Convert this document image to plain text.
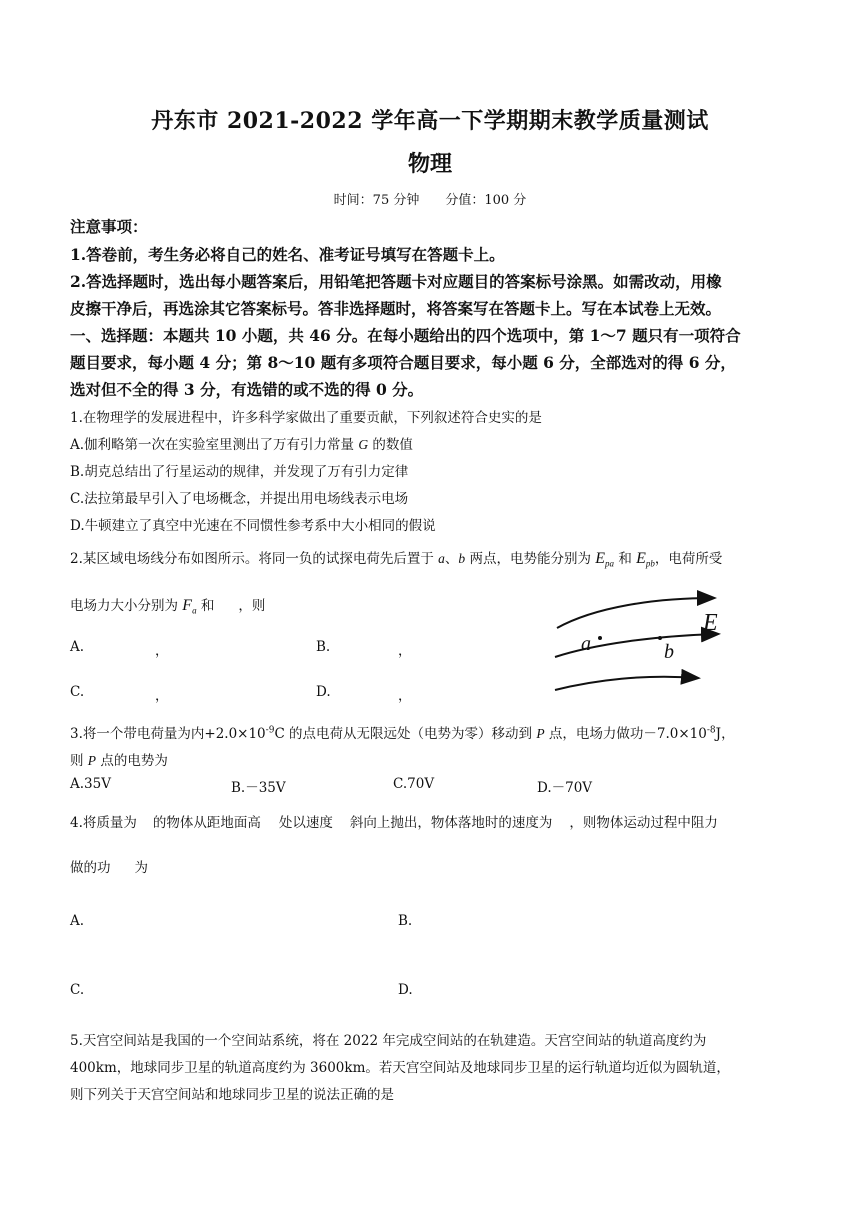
丹东市 2021-2022 学年高一下学期期末教学质量测试
物理
时间：75 分钟 分值：100 分
注意事项：
1.答卷前，考生务必将自己的姓名、准考证号填写在答题卡上。
2.答选择题时，选出每小题答案后，用铅笔把答题卡对应题目的答案标号涂黑。如需改动，用橡
皮擦干净后，再选涂其它答案标号。答非选择题时，将答案写在答题卡上。写在本试卷上无效。
一、选择题：本题共 10 小题，共 46 分。在每小题给出的四个选项中，第 1～7 题只有一项符合
题目要求，每小题 4 分；第 8～10 题有多项符合题目要求，每小题 6 分，全部选对的得 6 分，
选对但不全的得 3 分，有选错的或不选的得 0 分。
1.在物理学的发展进程中，许多科学家做出了重要贡献，下列叙述符合史实的是
A.伽利略第一次在实验室里测出了万有引力常量 G 的数值
B.胡克总结出了行星运动的规律，并发现了万有引力定律
C.法拉第最早引入了电场概念，并提出用电场线表示电场
D.牛顿建立了真空中光速在不同惯性参考系中大小相同的假说
2.某区域电场线分布如图所示。将同一负的试探电荷先后置于 a、b 两点，电势能分别为 $E_{pa}$ 和 $E_{pb}$，电荷所受
电场力大小分别为 $F_a$ 和 ，则
A.	，	B.	，
C.	，	D.	，
a	b
E
3.将一个带电荷量为内$+2.0\times 10^{-9}C$ 的点电荷从无限远处（电势为零）移动到 P 点，电场力做功$-7.0\times 10^{-8}J$，
则 P 点的电势为
A.35V	B.－35V	C.70V	D.－70V
4.将质量为 的物体从距地面高 处以速度 斜向上抛出，物体落地时的速度为 ，则物体运动过程中阻力
做的功 为
A.	B.
C.	D.
5.天宫空间站是我国的一个空间站系统，将在 2022 年完成空间站的在轨建造。天宫空间站的轨道高度约为
400km，地球同步卫星的轨道高度约为 3600km。若天宫空间站及地球同步卫星的运行轨道均近似为圆轨道，
则下列关于天宫空间站和地球同步卫星的说法正确的是
